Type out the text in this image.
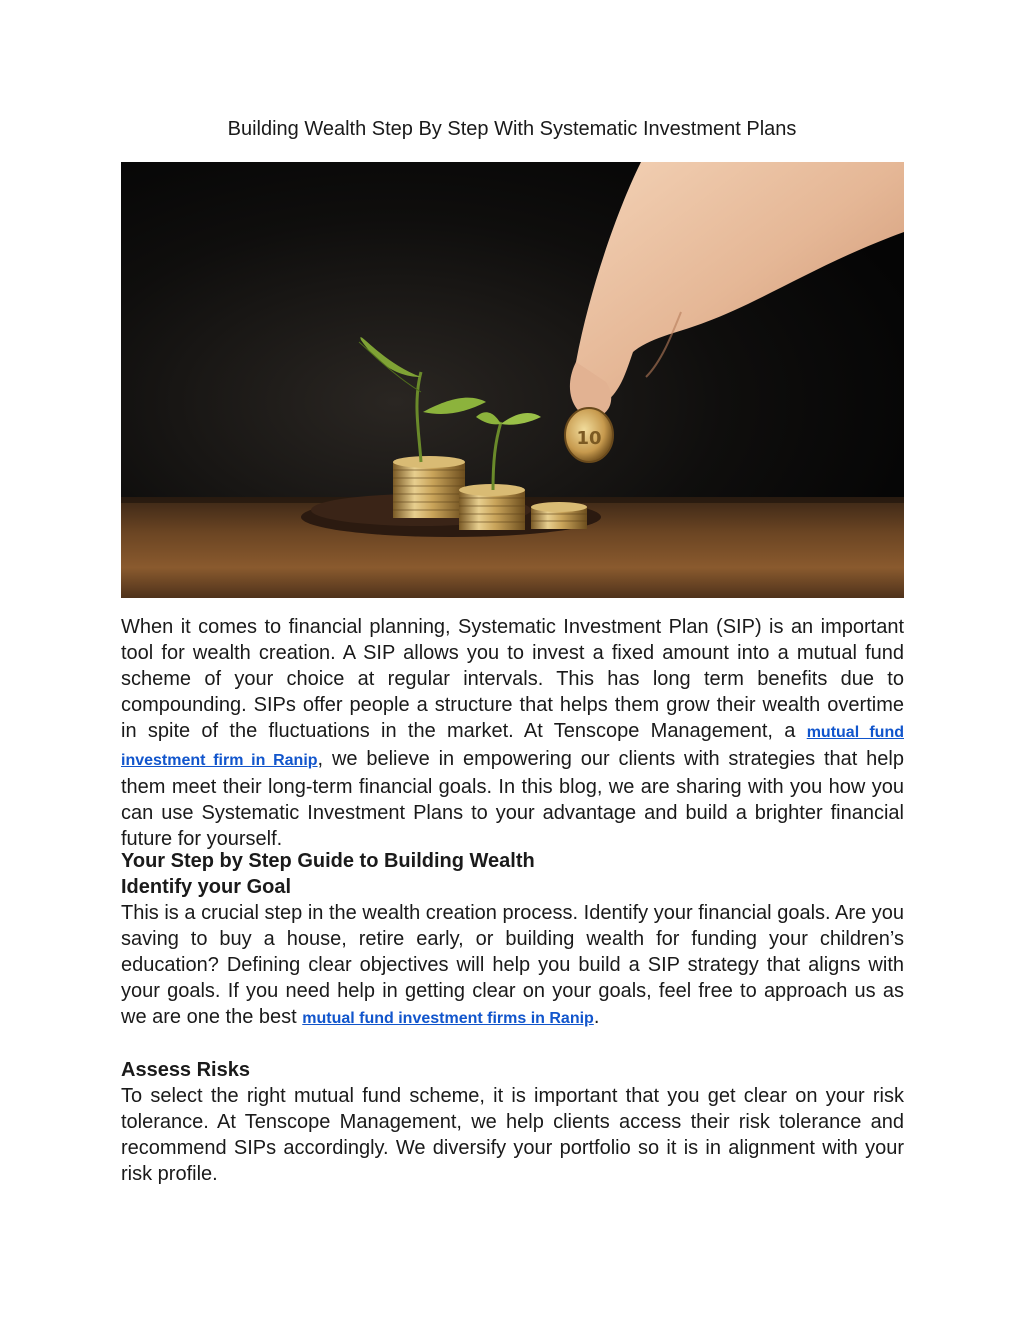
Building Wealth Step By Step With Systematic Investment Plans
10

When it comes to financial planning, Systematic Investment Plan (SIP) is an important tool for wealth creation. A SIP allows you to invest a fixed amount into a mutual fund scheme of your choice at regular intervals. This has long term benefits due to compounding. SIPs offer people a structure that helps them grow their wealth overtime in spite of the fluctuations in the market. At Tenscope Management, a mutual fund investment firm in Ranip, we believe in empowering our clients with strategies that help them meet their long-term financial goals. In this blog, we are sharing with you how you can use Systematic Investment Plans to your advantage and build a brighter financial future for yourself.

Your Step by Step Guide to Building Wealth
Identify your Goal

This is a crucial step in the wealth creation process. Identify your financial goals. Are you saving to buy a house, retire early, or building wealth for funding your children’s education? Defining clear objectives will help you build a SIP strategy that aligns with your goals. If you need help in getting clear on your goals, feel free to approach us as we are one the best mutual fund investment firms in Ranip.

Assess Risks

To select the right mutual fund scheme, it is important that you get clear on your risk tolerance. At Tenscope Management, we help clients access their risk tolerance and recommend SIPs accordingly. We diversify your portfolio so it is in alignment with your risk profile.
